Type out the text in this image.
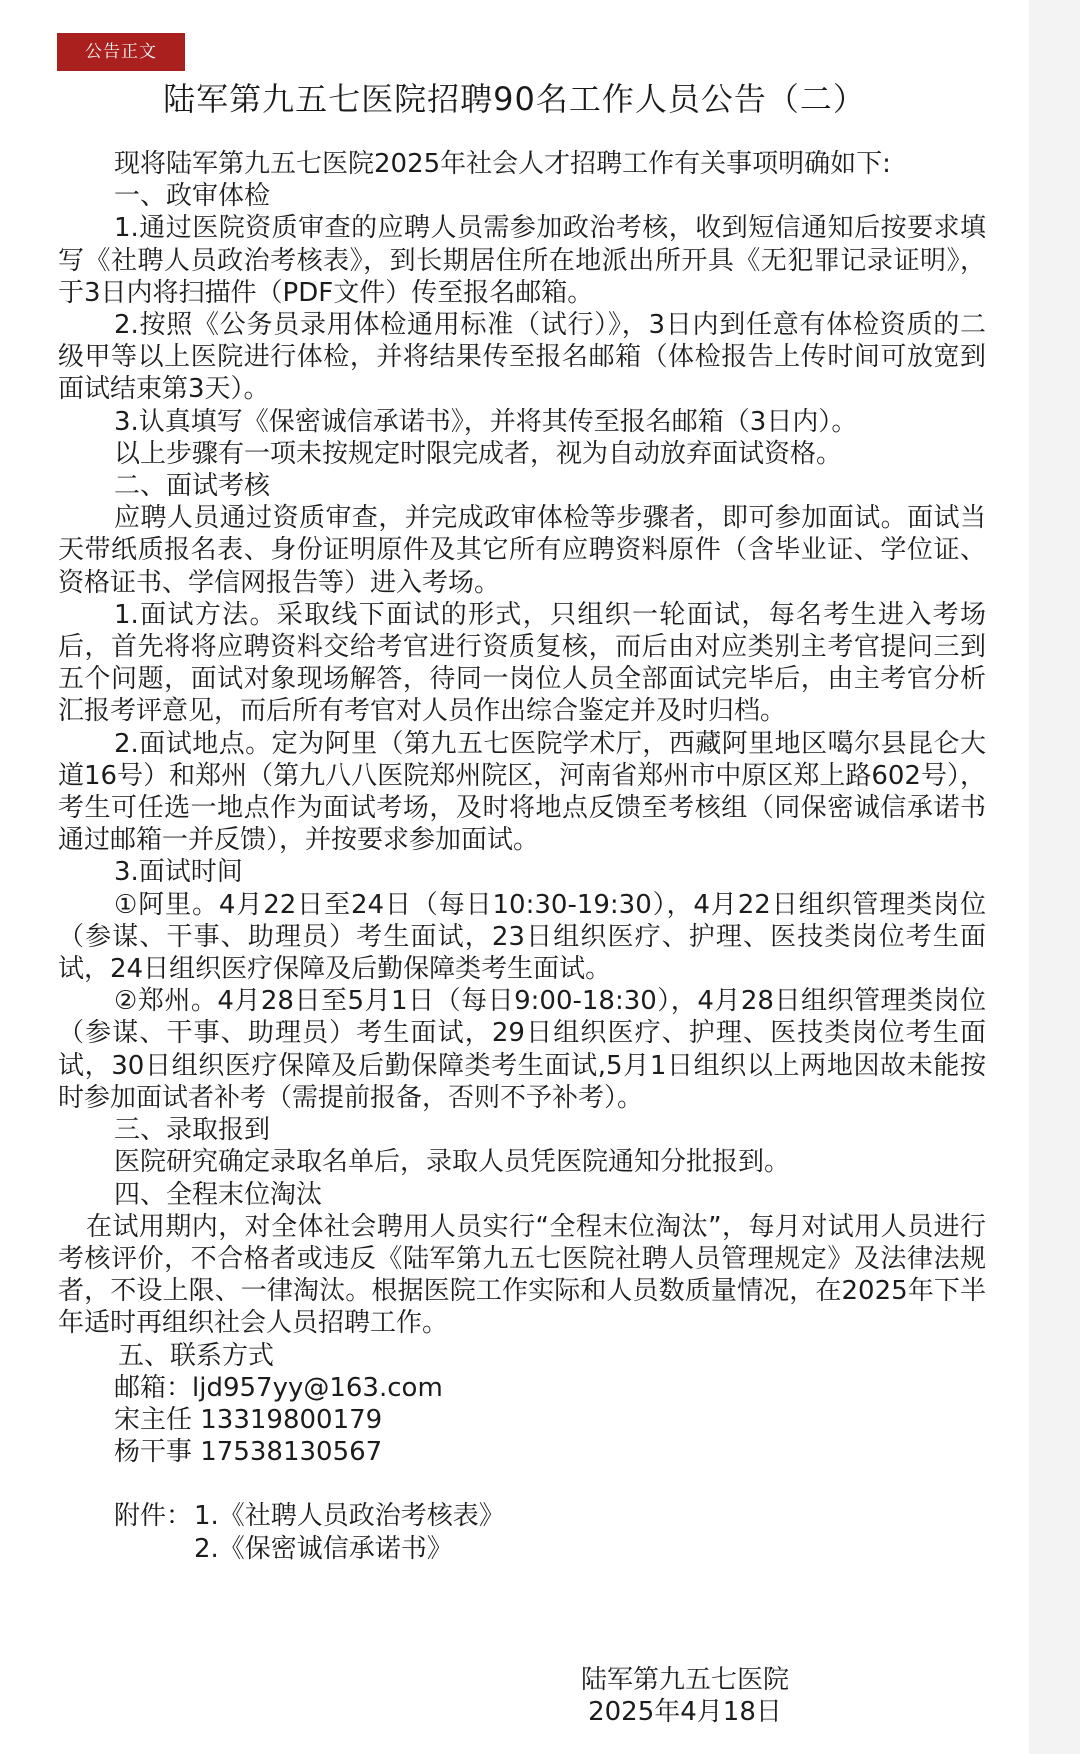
公告正文
陆军第九五七医院招聘90名工作人员公告（二）

现将陆军第九五七医院2025年社会人才招聘工作有关事项明确如下:

一、政审体检

1.通过医院资质审查的应聘人员需参加政治考核，收到短信通知后按要求填写《社聘人员政治考核表》，到长期居住所在地派出所开具《无犯罪记录证明》，于3日内将扫描件（PDF文件）传至报名邮箱。

2.按照《公务员录用体检通用标准（试行）》，3日内到任意有体检资质的二级甲等以上医院进行体检，并将结果传至报名邮箱（体检报告上传时间可放宽到面试结束第3天）。

3.认真填写《保密诚信承诺书》，并将其传至报名邮箱（3日内）。

以上步骤有一项未按规定时限完成者，视为自动放弃面试资格。

二、面试考核

应聘人员通过资质审查，并完成政审体检等步骤者，即可参加面试。面试当天带纸质报名表、身份证明原件及其它所有应聘资料原件（含毕业证、学位证、资格证书、学信网报告等）进入考场。

1.面试方法。采取线下面试的形式，只组织一轮面试，每名考生进入考场后，首先将将应聘资料交给考官进行资质复核，而后由对应类别主考官提问三到五个问题，面试对象现场解答，待同一岗位人员全部面试完毕后，由主考官分析汇报考评意见，而后所有考官对人员作出综合鉴定并及时归档。

2.面试地点。定为阿里（第九五七医院学术厅，西藏阿里地区噶尔县昆仑大道16号）和郑州（第九八八医院郑州院区，河南省郑州市中原区郑上路602号），考生可任选一地点作为面试考场，及时将地点反馈至考核组（同保密诚信承诺书通过邮箱一并反馈），并按要求参加面试。

3.面试时间

①阿里。4月22日至24日（每日10:30-19:30），4月22日组织管理类岗位（参谋、干事、助理员）考生面试，23日组织医疗、护理、医技类岗位考生面试，24日组织医疗保障及后勤保障类考生面试。

②郑州。4月28日至5月1日（每日9:00-18:30），4月28日组织管理类岗位（参谋、干事、助理员）考生面试，29日组织医疗、护理、医技类岗位考生面试，30日组织医疗保障及后勤保障类考生面试,5月1日组织以上两地因故未能按时参加面试者补考（需提前报备，否则不予补考）。

三、录取报到

医院研究确定录取名单后，录取人员凭医院通知分批报到。

四、全程末位淘汰

在试用期内，对全体社会聘用人员实行“全程末位淘汰”，每月对试用人员进行考核评价，不合格者或违反《陆军第九五七医院社聘人员管理规定》及法律法规者，不设上限、一律淘汰。根据医院工作实际和人员数质量情况，在2025年下半年适时再组织社会人员招聘工作。

五、联系方式

邮箱：ljd957yy@163.com

宋主任 13319800179

杨干事 17538130567

附件： 1.《社聘人员政治考核表》

2.《保密诚信承诺书》

陆军第九五七医院
2025年4月18日
